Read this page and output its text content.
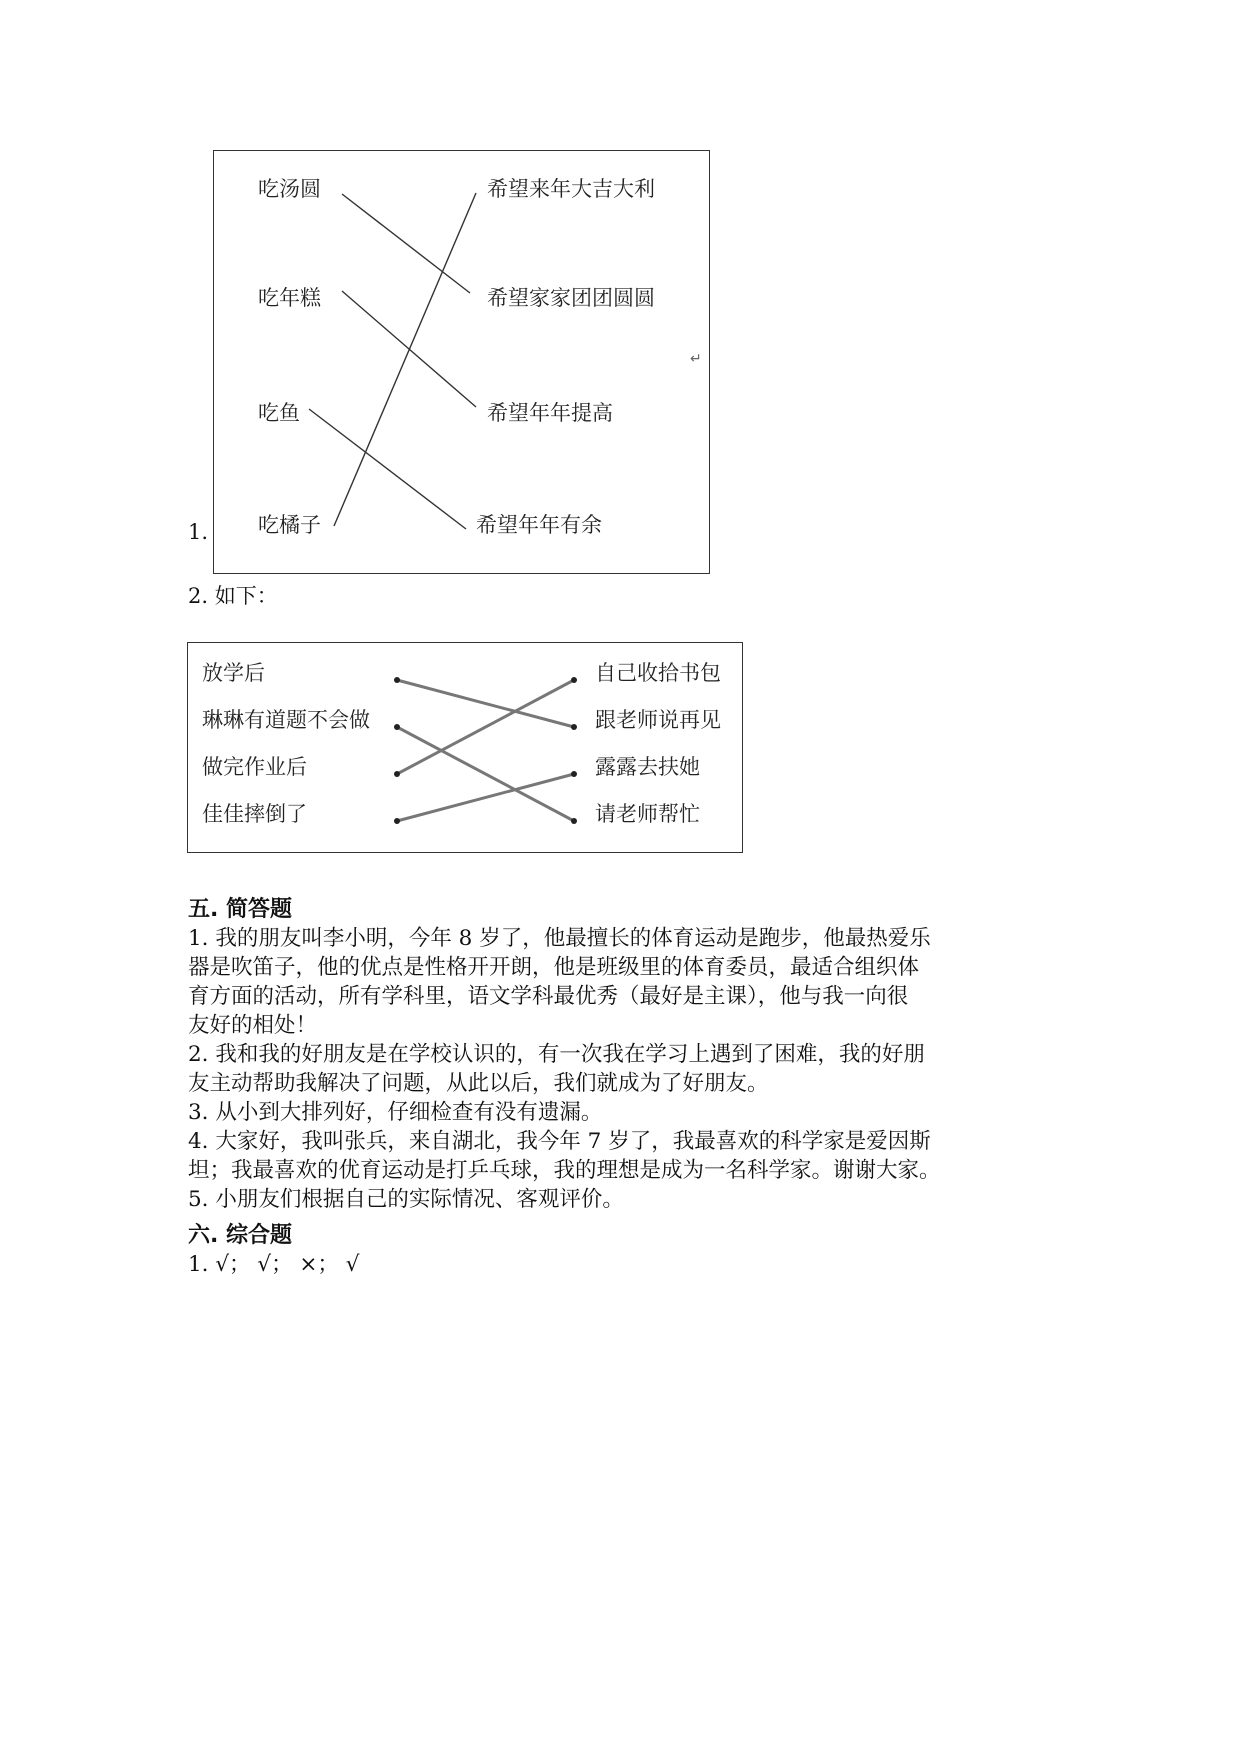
1.
吃汤圆
吃年糕
吃鱼
吃橘子
希望来年大吉大利
希望家家团团圆圆
希望年年提高
希望年年有余
↵
2. 如下：
放学后
琳琳有道题不会做
做完作业后
佳佳摔倒了
自己收拾书包
跟老师说再见
露露去扶她
请老师帮忙
五. 简答题
1. 我的朋友叫李小明，今年 8 岁了，他最擅长的体育运动是跑步，他最热爱乐
器是吹笛子，他的优点是性格开开朗，他是班级里的体育委员，最适合组织体
育方面的活动，所有学科里，语文学科最优秀（最好是主课），他与我一向很
友好的相处！
2. 我和我的好朋友是在学校认识的，有一次我在学习上遇到了困难，我的好朋
友主动帮助我解决了问题，从此以后，我们就成为了好朋友。
3. 从小到大排列好，仔细检查有没有遗漏。
4. 大家好，我叫张兵，来自湖北，我今年 7 岁了，我最喜欢的科学家是爱因斯
坦；我最喜欢的优育运动是打乒乓球，我的理想是成为一名科学家。谢谢大家。
5. 小朋友们根据自己的实际情况、客观评价。
六. 综合题
1. √； √； ×； √
